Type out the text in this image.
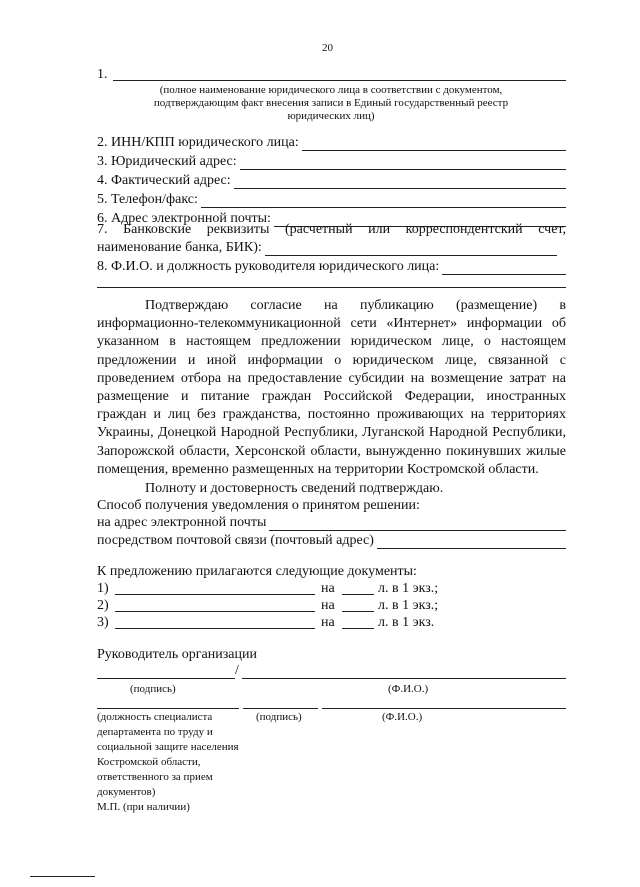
20
1.
(полное наименование юридического лица в соответствии с документом, подтверждающим факт внесения записи в Единый государственный реестр юридических лиц)
2. ИНН/КПП юридического лица:
3. Юридический адрес:
4. Фактический адрес:
5. Телефон/факс:
6. Адрес электронной почты:
7. Банковские реквизиты (расчетный или корреспондентский счет,
наименование банка, БИК):
8. Ф.И.О. и должность руководителя юридического лица:
Подтверждаю согласие на публикацию (размещение) в информационно-телекоммуникационной сети «Интернет» информации об указанном в настоящем предложении юридическом лице, о настоящем предложении и иной информации о юридическом лице, связанной с проведением отбора на предоставление субсидии на возмещение затрат на размещение и питание граждан Российской Федерации, иностранных граждан и лиц без гражданства, постоянно проживающих на территориях Украины, Донецкой Народной Республики, Луганской Народной Республики, Запорожской области, Херсонской области, вынужденно покинувших жилые помещения, временно размещенных на территории Костромской области.
Полноту и достоверность сведений подтверждаю.
Способ получения уведомления о принятом решении:
на адрес электронной почты
посредством почтовой связи (почтовый адрес)
К предложению прилагаются следующие документы:
1)	на	л. в 1 экз.;
2)	на	л. в 1 экз.;
3)	на	л. в 1 экз.
Руководитель организации
/
(подпись)	(Ф.И.О.)
(должность специалиста департамента по труду и социальной защите населения Костромской области, ответственного за прием документов)
(подпись)	(Ф.И.О.)
М.П. (при наличии)
